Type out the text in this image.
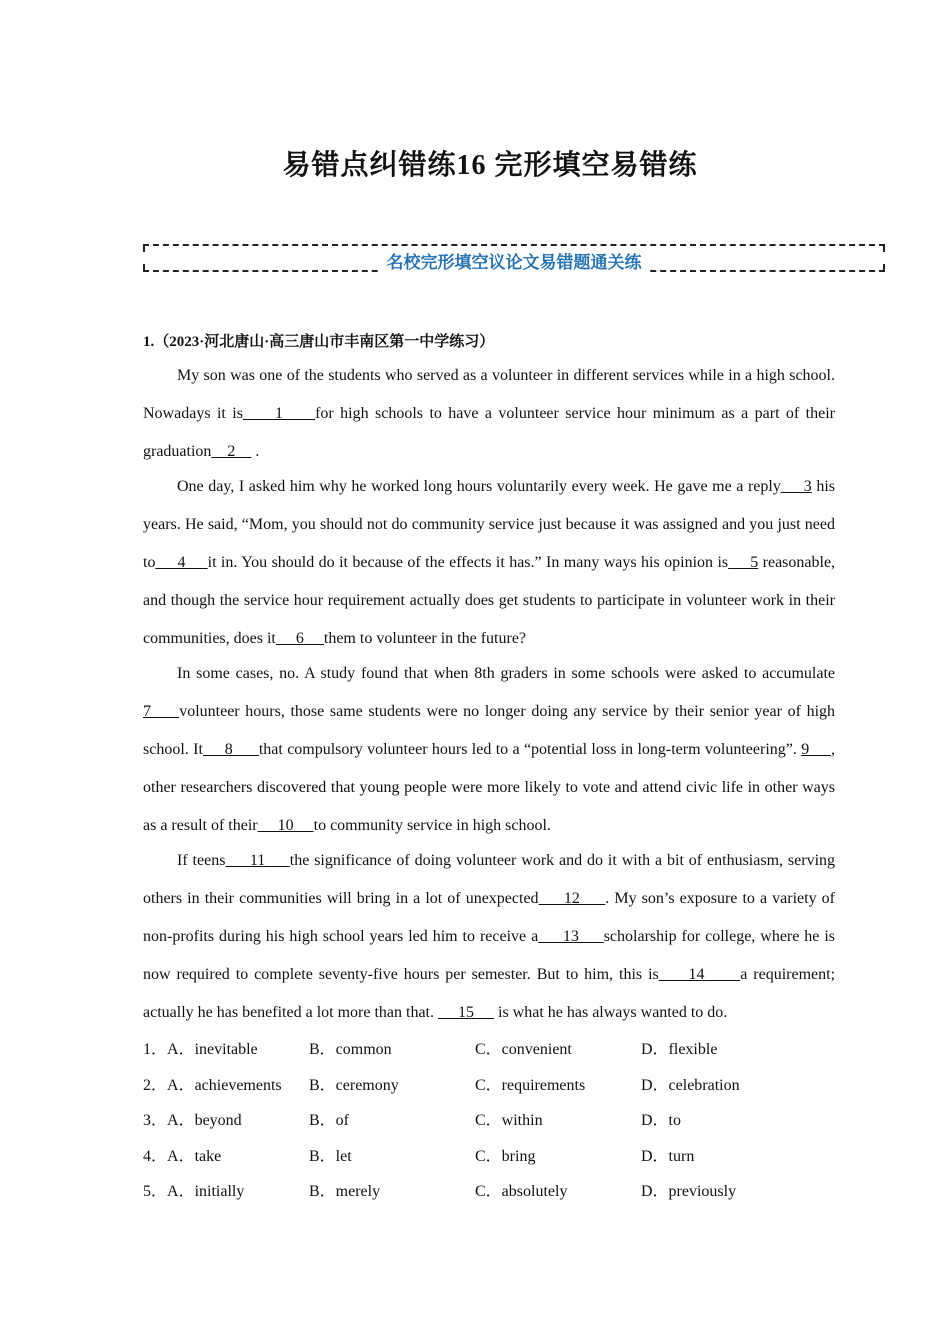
易错点纠错练16 完形填空易错练
名校完形填空议论文易错题通关练
1.（2023·河北唐山·高三唐山市丰南区第一中学练习）

My son was one of the students who served as a volunteer in different services while in a high school. Nowadays it is     1     for high schools to have a volunteer service hour minimum as a part of their graduation    2     .

One day, I asked him why he worked long hours voluntarily every week. He gave me a reply     3 his years. He said, “Mom, you should not do community service just because it was assigned and you just need to     4     it in. You should do it because of the effects it has.” In many ways his opinion is     5 reasonable, and though the service hour requirement actually does get students to participate in volunteer work in their communities, does it     6     them to volunteer in the future?

In some cases, no. A study found that when 8th graders in some schools were asked to accumulate 7     volunteer hours, those same students were no longer doing any service by their senior year of high school. It     8      that compulsory volunteer hours led to a “potential loss in long-term volunteering”. 9     , other researchers discovered that young people were more likely to vote and attend civic life in other ways as a result of their     10     to community service in high school.

If teens     11     the significance of doing volunteer work and do it with a bit of enthusiasm, serving others in their communities will bring in a lot of unexpected     12     . My son’s exposure to a variety of non-profits during his high school years led him to receive a     13     scholarship for college, where he is now required to complete seventy-five hours per semester. But to him, this is     14      a requirement; actually he has benefited a lot more than that.      15      is what he has always wanted to do.

1．A．inevitable	B．common	C．convenient	D．flexible
2．A．achievements B．ceremony	C．requirements	D．celebration
3．A．beyond	B．of	C．within	D．to
4．A．take	B．let	C．bring	D．turn
5．A．initially	B．merely	C．absolutely	D．previously
